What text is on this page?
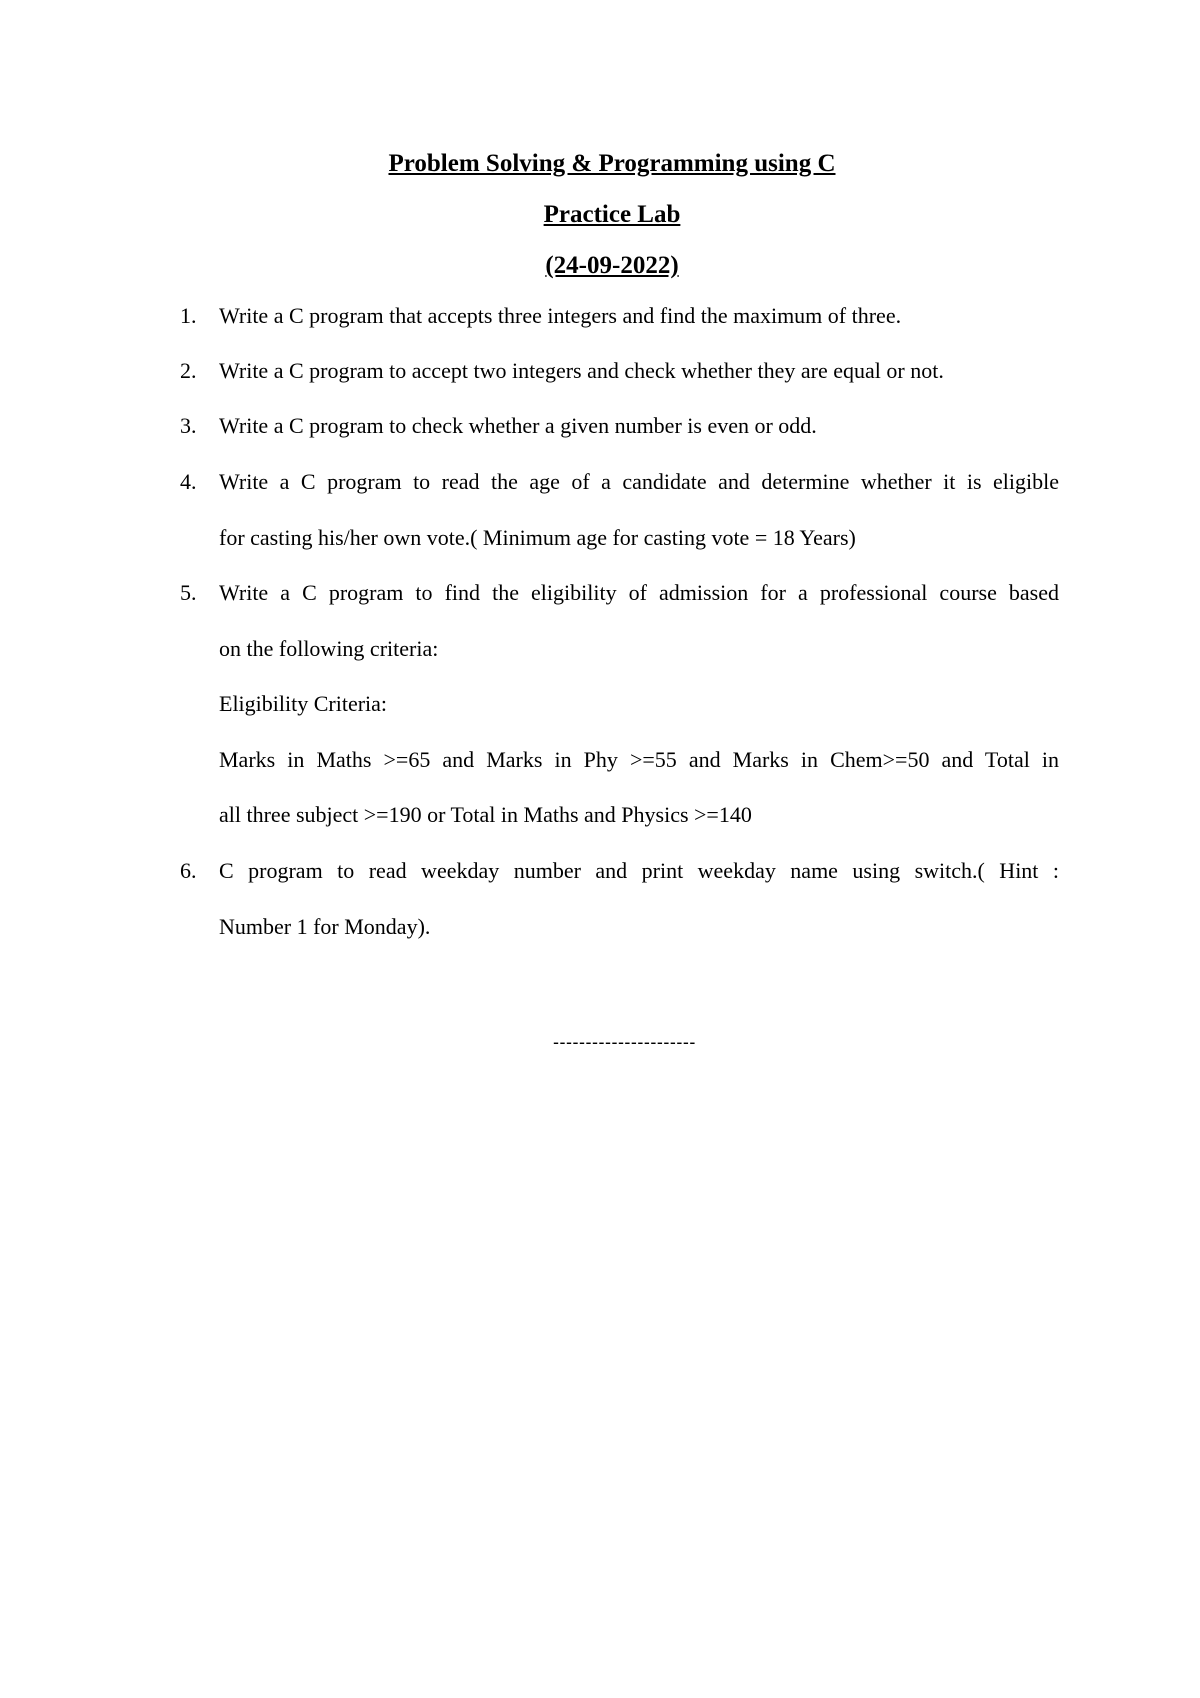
Problem Solving & Programming using C
Practice Lab
(24-09-2022)
1. Write a C program that accepts three integers and find the maximum of three.
2. Write a C program to accept two integers and check whether they are equal or not.
3. Write a C program to check whether a given number is even or odd.
4. Write a C program to read the age of a candidate and determine whether it is eligible
for casting his/her own vote.( Minimum age for casting vote = 18 Years)
5. Write a C program to find the eligibility of admission for a professional course based
on the following criteria:
Eligibility Criteria:
Marks in Maths >=65 and Marks in Phy >=55 and Marks in Chem>=50 and Total in
all three subject >=190 or Total in Maths and Physics >=140
6. C program to read weekday number and print weekday name using switch.( Hint :
Number 1 for Monday).
----------------------
